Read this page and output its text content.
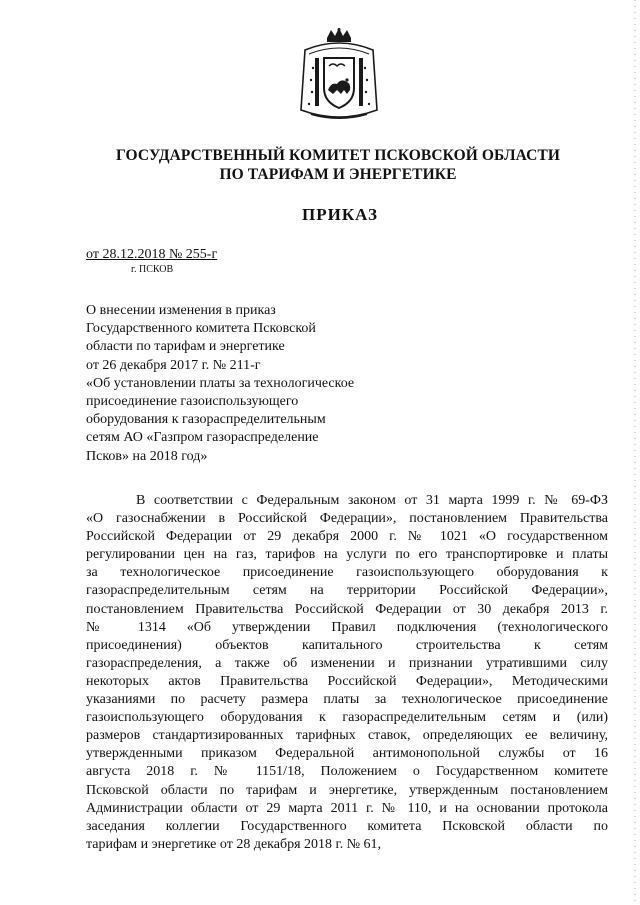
ГОСУДАРСТВЕННЫЙ КОМИТЕТ ПСКОВСКОЙ ОБЛАСТИ
ПО ТАРИФАМ И ЭНЕРГЕТИКЕ
ПРИКАЗ
от 28.12.2018 № 255-г
г. ПСКОВ
О внесении изменения в приказ
Государственного комитета Псковской
области по тарифам и энергетике
от 26 декабря 2017 г. № 211-г
«Об установлении платы за технологическое
присоединение газоиспользующего
оборудования к газораспределительным
сетям АО «Газпром газораспределение
Псков» на 2018 год»
В соответствии с Федеральным законом от 31 марта 1999 г. № 69-ФЗ
«О газоснабжении в Российской Федерации», постановлением Правительства
Российской Федерации от 29 декабря 2000 г. № 1021 «О государственном
регулировании цен на газ, тарифов на услуги по его транспортировке и платы
за технологическое присоединение газоиспользующего оборудования к
газораспределительным сетям на территории Российской Федерации»,
постановлением Правительства Российской Федерации от 30 декабря 2013 г.
№ 1314 «Об утверждении Правил подключения (технологического
присоединения) объектов капитального строительства к сетям
газораспределения, а также об изменении и признании утратившими силу
некоторых актов Правительства Российской Федерации», Методическими
указаниями по расчету размера платы за технологическое присоединение
газоиспользующего оборудования к газораспределительным сетям и (или)
размеров стандартизированных тарифных ставок, определяющих ее величину,
утвержденными приказом Федеральной антимонопольной службы от 16
августа 2018 г. № 1151/18, Положением о Государственном комитете
Псковской области по тарифам и энергетике, утвержденным постановлением
Администрации области от 29 марта 2011 г. № 110, и на основании протокола
заседания коллегии Государственного комитета Псковской области по
тарифам и энергетике от 28 декабря 2018 г. № 61,
